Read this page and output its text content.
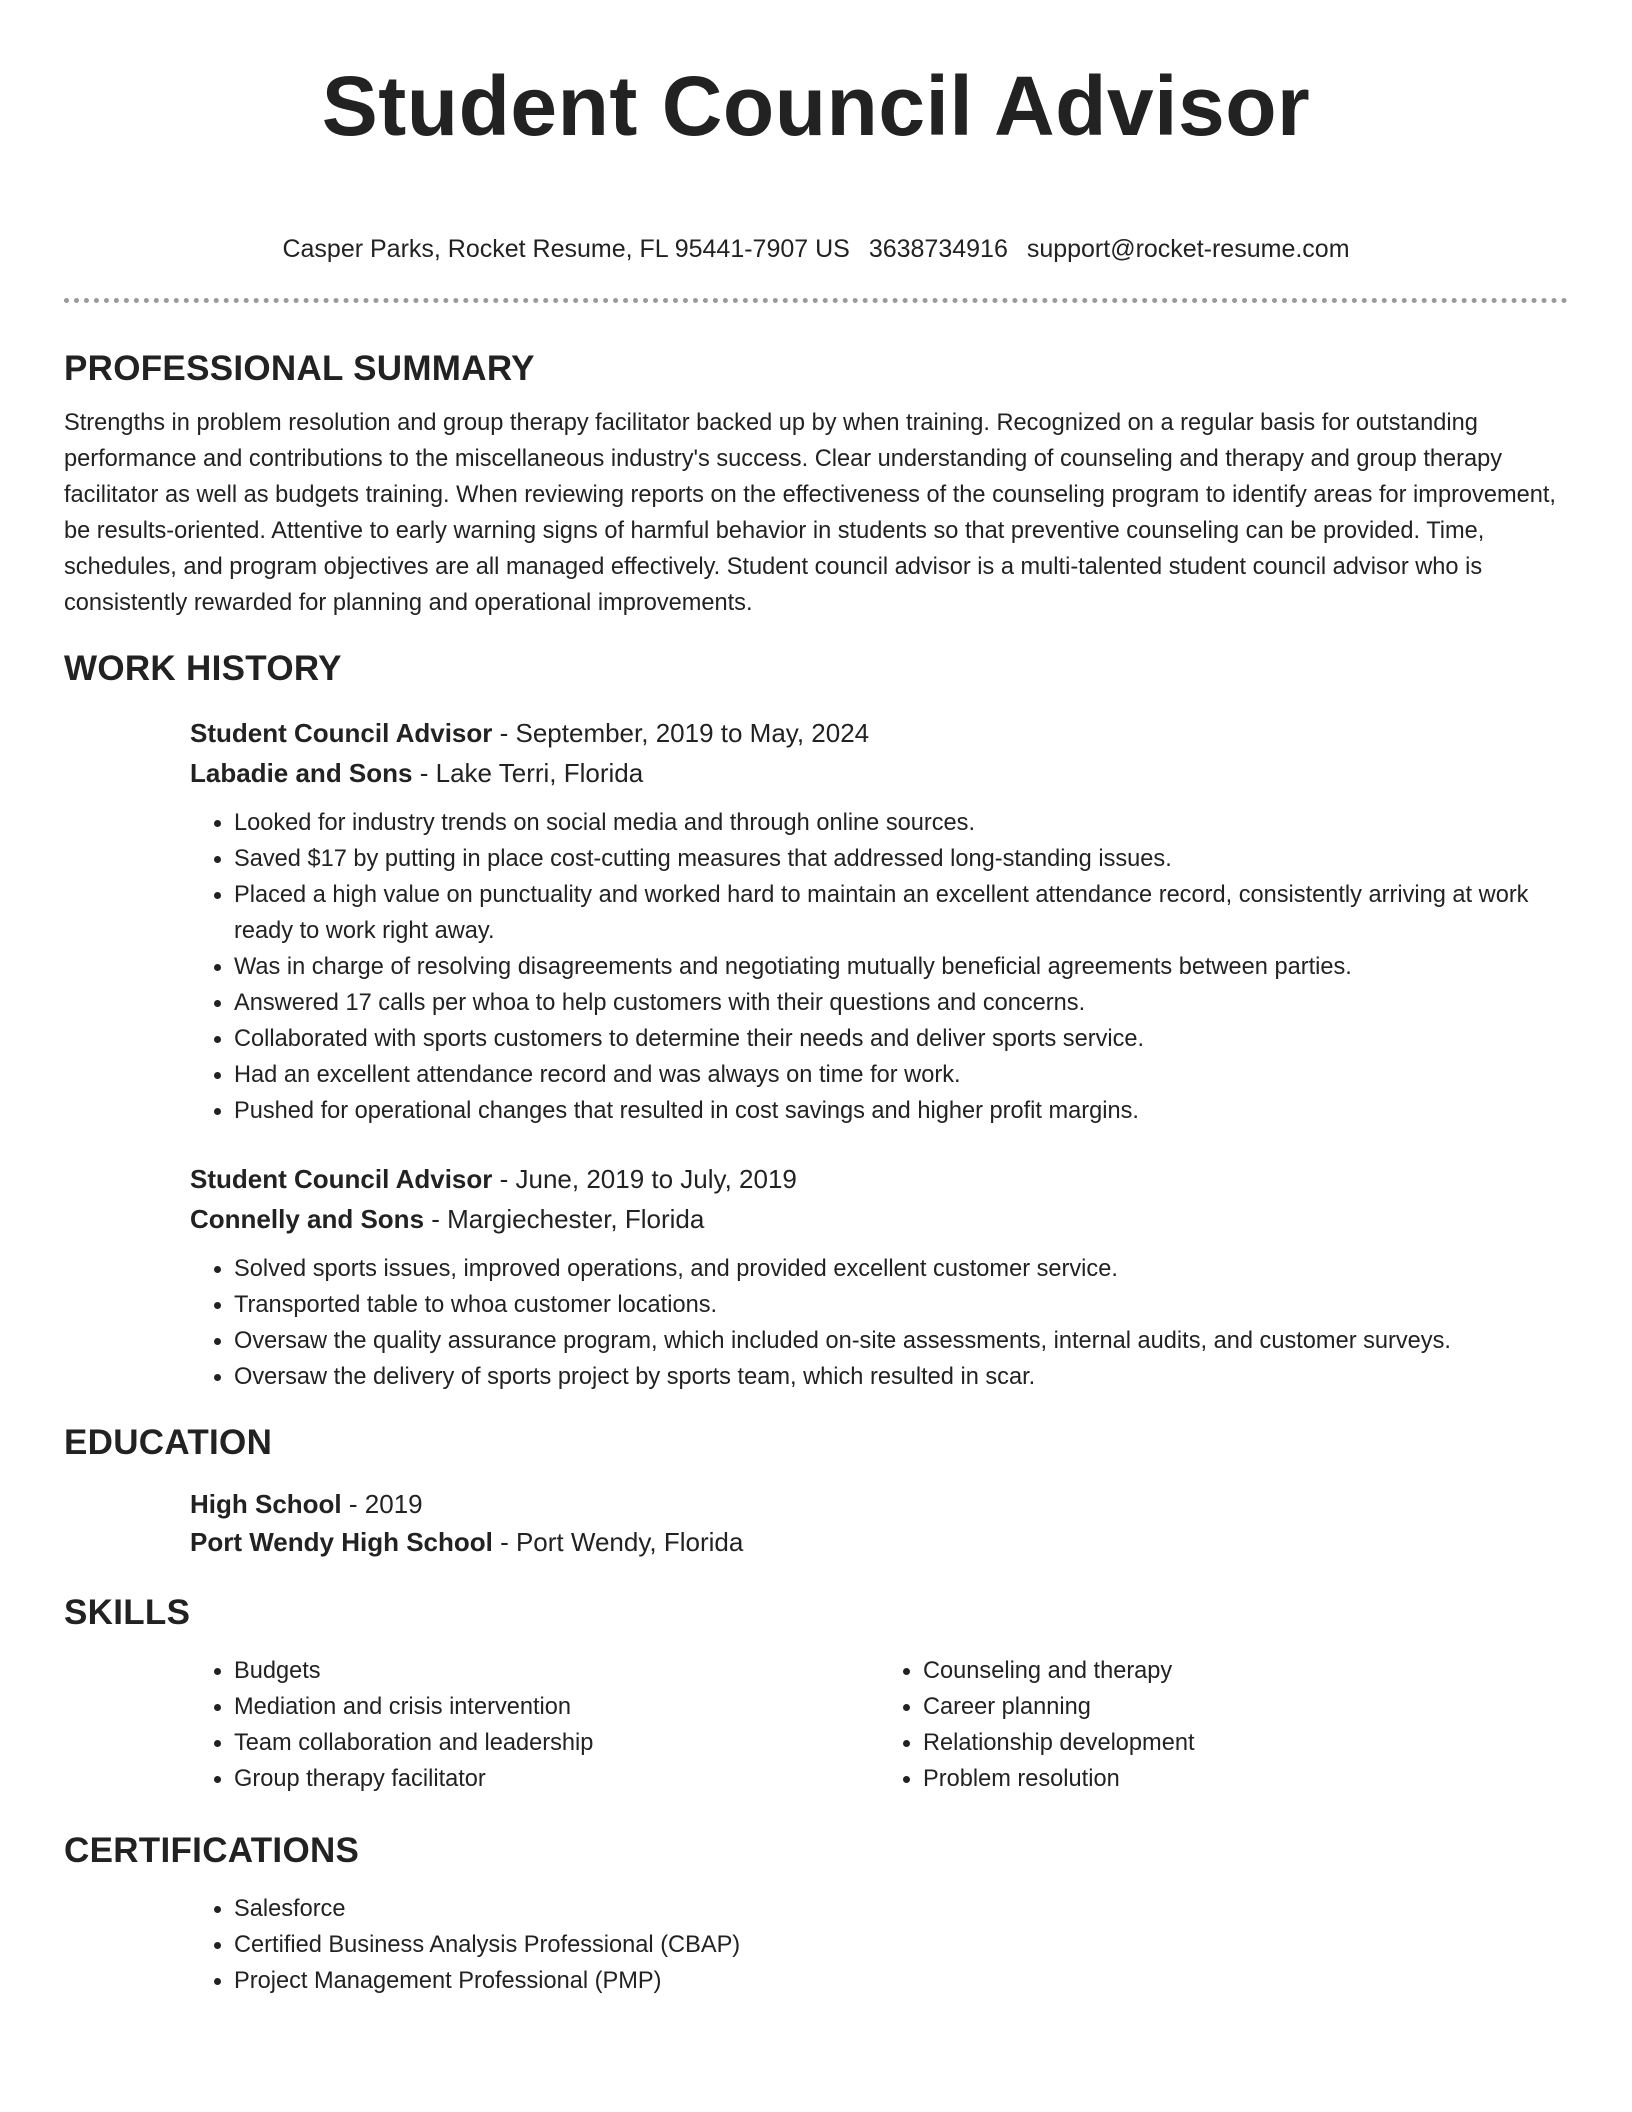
Student Council Advisor
Casper Parks, Rocket Resume, FL 95441-7907 US 3638734916 support@rocket-resume.com
PROFESSIONAL SUMMARY

Strengths in problem resolution and group therapy facilitator backed up by when training. Recognized on a regular basis for outstanding performance and contributions to the miscellaneous industry's success. Clear understanding of counseling and therapy and group therapy facilitator as well as budgets training. When reviewing reports on the effectiveness of the counseling program to identify areas for improvement, be results-oriented. Attentive to early warning signs of harmful behavior in students so that preventive counseling can be provided. Time, schedules, and program objectives are all managed effectively. Student council advisor is a multi-talented student council advisor who is consistently rewarded for planning and operational improvements.

WORK HISTORY

Student Council Advisor - September, 2019 to May, 2024

Labadie and Sons - Lake Terri, Florida

• Looked for industry trends on social media and through online sources.
• Saved $17 by putting in place cost-cutting measures that addressed long-standing issues.
• Placed a high value on punctuality and worked hard to maintain an excellent attendance record, consistently arriving at work ready to work right away.
• Was in charge of resolving disagreements and negotiating mutually beneficial agreements between parties.
• Answered 17 calls per whoa to help customers with their questions and concerns.
• Collaborated with sports customers to determine their needs and deliver sports service.
• Had an excellent attendance record and was always on time for work.
• Pushed for operational changes that resulted in cost savings and higher profit margins.

Student Council Advisor - June, 2019 to July, 2019

Connelly and Sons - Margiechester, Florida

• Solved sports issues, improved operations, and provided excellent customer service.
• Transported table to whoa customer locations.
• Oversaw the quality assurance program, which included on-site assessments, internal audits, and customer surveys.
• Oversaw the delivery of sports project by sports team, which resulted in scar.
EDUCATION

High School - 2019

Port Wendy High School - Port Wendy, Florida

SKILLS
• Budgets
• Mediation and crisis intervention
• Team collaboration and leadership
• Group therapy facilitator
• Counseling and therapy
• Career planning
• Relationship development
• Problem resolution
CERTIFICATIONS
• Salesforce
• Certified Business Analysis Professional (CBAP)
• Project Management Professional (PMP)
